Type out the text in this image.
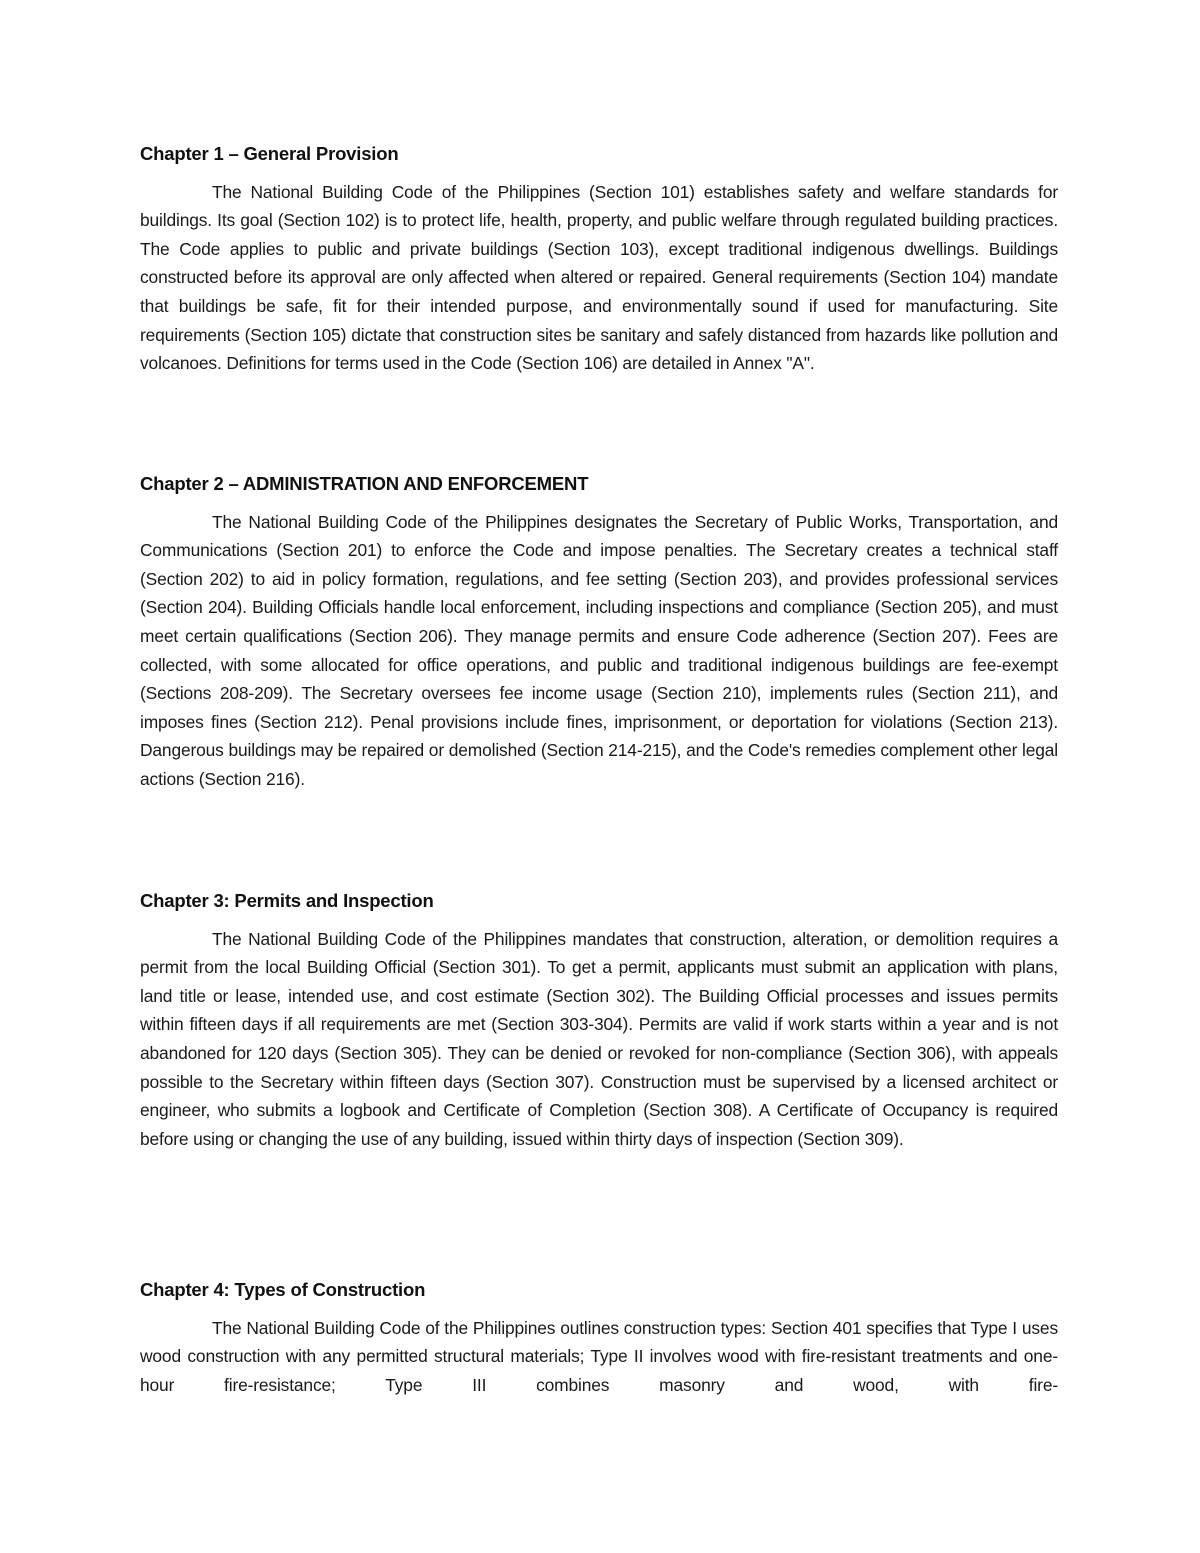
Chapter 1 – General Provision

The National Building Code of the Philippines (Section 101) establishes safety and welfare standards for buildings. Its goal (Section 102) is to protect life, health, property, and public welfare through regulated building practices. The Code applies to public and private buildings (Section 103), except traditional indigenous dwellings. Buildings constructed before its approval are only affected when altered or repaired. General requirements (Section 104) mandate that buildings be safe, fit for their intended purpose, and environmentally sound if used for manufacturing. Site requirements (Section 105) dictate that construction sites be sanitary and safely distanced from hazards like pollution and volcanoes. Definitions for terms used in the Code (Section 106) are detailed in Annex "A".

Chapter 2 – ADMINISTRATION AND ENFORCEMENT

The National Building Code of the Philippines designates the Secretary of Public Works, Transportation, and Communications (Section 201) to enforce the Code and impose penalties. The Secretary creates a technical staff (Section 202) to aid in policy formation, regulations, and fee setting (Section 203), and provides professional services (Section 204). Building Officials handle local enforcement, including inspections and compliance (Section 205), and must meet certain qualifications (Section 206). They manage permits and ensure Code adherence (Section 207). Fees are collected, with some allocated for office operations, and public and traditional indigenous buildings are fee-exempt (Sections 208-209). The Secretary oversees fee income usage (Section 210), implements rules (Section 211), and imposes fines (Section 212). Penal provisions include fines, imprisonment, or deportation for violations (Section 213). Dangerous buildings may be repaired or demolished (Section 214-215), and the Code's remedies complement other legal actions (Section 216).

Chapter 3: Permits and Inspection

The National Building Code of the Philippines mandates that construction, alteration, or demolition requires a permit from the local Building Official (Section 301). To get a permit, applicants must submit an application with plans, land title or lease, intended use, and cost estimate (Section 302). The Building Official processes and issues permits within fifteen days if all requirements are met (Section 303-304). Permits are valid if work starts within a year and is not abandoned for 120 days (Section 305). They can be denied or revoked for non-compliance (Section 306), with appeals possible to the Secretary within fifteen days (Section 307). Construction must be supervised by a licensed architect or engineer, who submits a logbook and Certificate of Completion (Section 308). A Certificate of Occupancy is required before using or changing the use of any building, issued within thirty days of inspection (Section 309).

Chapter 4: Types of Construction

The National Building Code of the Philippines outlines construction types: Section 401 specifies that Type I uses wood construction with any permitted structural materials; Type II involves wood with fire-resistant treatments and one-hour fire-resistance; Type III combines masonry and wood, with fire-
